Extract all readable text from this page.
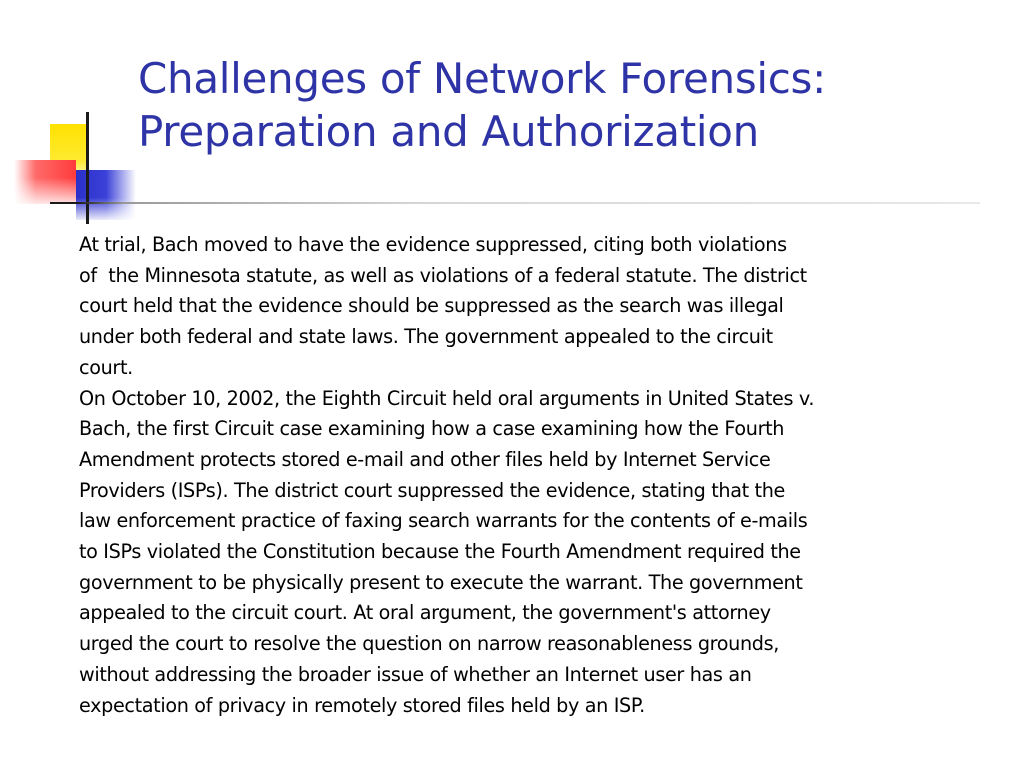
Challenges of Network Forensics:
Preparation and Authorization

At trial, Bach moved to have the evidence suppressed, citing both violations
of  the Minnesota statute, as well as violations of a federal statute. The district
court held that the evidence should be suppressed as the search was illegal
under both federal and state laws. The government appealed to the circuit
court.

On October 10, 2002, the Eighth Circuit held oral arguments in United States v.
Bach, the first Circuit case examining how a case examining how the Fourth
Amendment protects stored e-mail and other files held by Internet Service
Providers (ISPs). The district court suppressed the evidence, stating that the
law enforcement practice of faxing search warrants for the contents of e-mails
to ISPs violated the Constitution because the Fourth Amendment required the
government to be physically present to execute the warrant. The government
appealed to the circuit court. At oral argument, the government's attorney
urged the court to resolve the question on narrow reasonableness grounds,
without addressing the broader issue of whether an Internet user has an
expectation of privacy in remotely stored files held by an ISP.
